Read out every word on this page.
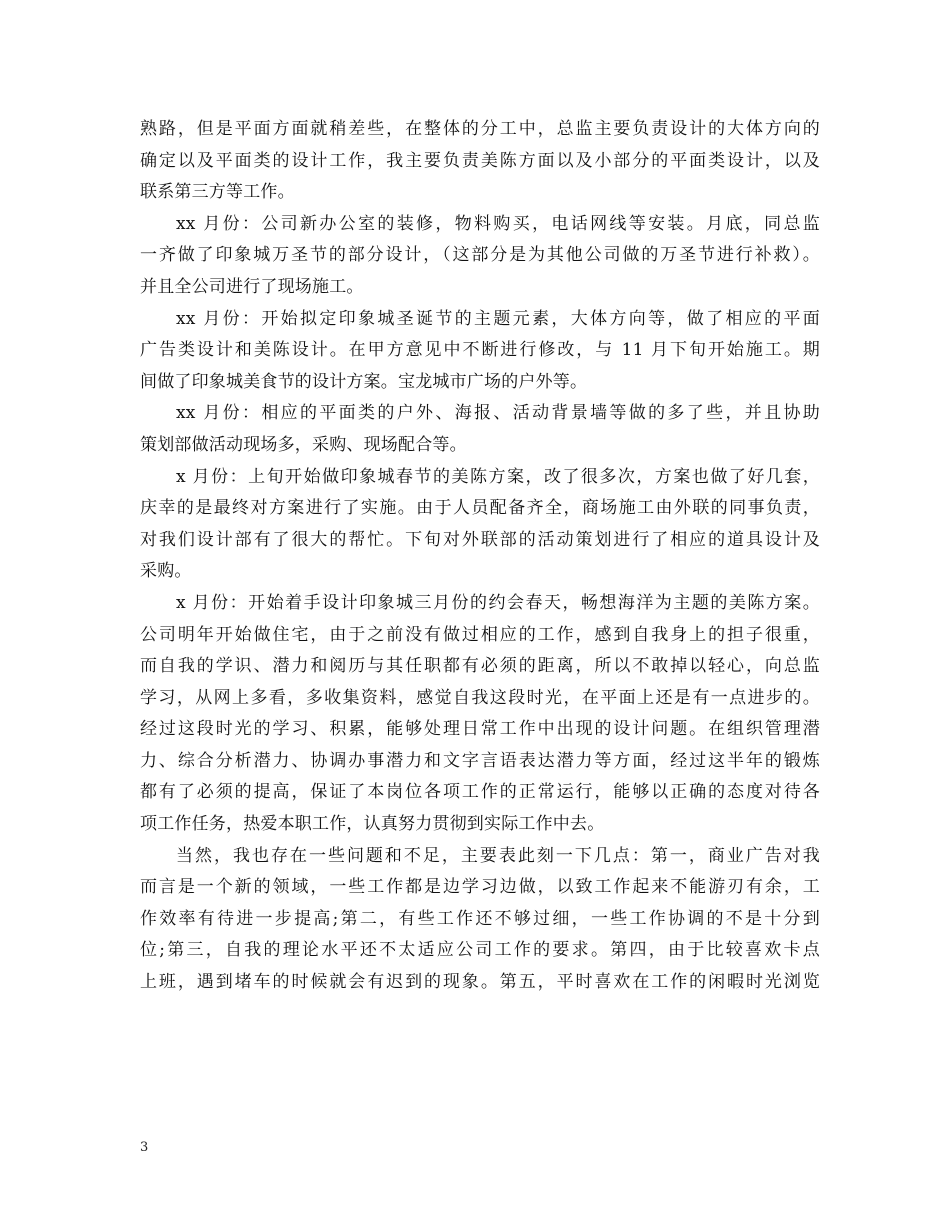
熟路，但是平面方面就稍差些，在整体的分工中，总监主要负责设计的大体方向的
确定以及平面类的设计工作，我主要负责美陈方面以及小部分的平面类设计，以及
联系第三方等工作。
xx 月份：公司新办公室的装修，物料购买，电话网线等安装。月底，同总监
一齐做了印象城万圣节的部分设计，（这部分是为其他公司做的万圣节进行补救）。
并且全公司进行了现场施工。
xx 月份：开始拟定印象城圣诞节的主题元素，大体方向等，做了相应的平面
广告类设计和美陈设计。在甲方意见中不断进行修改，与 11 月下旬开始施工。期
间做了印象城美食节的设计方案。宝龙城市广场的户外等。
xx 月份：相应的平面类的户外、海报、活动背景墙等做的多了些，并且协助
策划部做活动现场多，采购、现场配合等。
x 月份：上旬开始做印象城春节的美陈方案，改了很多次，方案也做了好几套，
庆幸的是最终对方案进行了实施。由于人员配备齐全，商场施工由外联的同事负责，
对我们设计部有了很大的帮忙。下旬对外联部的活动策划进行了相应的道具设计及
采购。
x 月份：开始着手设计印象城三月份的约会春天，畅想海洋为主题的美陈方案。
公司明年开始做住宅，由于之前没有做过相应的工作，感到自我身上的担子很重，
而自我的学识、潜力和阅历与其任职都有必须的距离，所以不敢掉以轻心，向总监
学习，从网上多看，多收集资料，感觉自我这段时光，在平面上还是有一点进步的。
经过这段时光的学习、积累，能够处理日常工作中出现的设计问题。在组织管理潜
力、综合分析潜力、协调办事潜力和文字言语表达潜力等方面，经过这半年的锻炼
都有了必须的提高，保证了本岗位各项工作的正常运行，能够以正确的态度对待各
项工作任务，热爱本职工作，认真努力贯彻到实际工作中去。
当然，我也存在一些问题和不足，主要表此刻一下几点：第一，商业广告对我
而言是一个新的领域，一些工作都是边学习边做，以致工作起来不能游刃有余，工
作效率有待进一步提高;第二，有些工作还不够过细，一些工作协调的不是十分到
位;第三，自我的理论水平还不太适应公司工作的要求。第四，由于比较喜欢卡点
上班，遇到堵车的时候就会有迟到的现象。第五，平时喜欢在工作的闲暇时光浏览
3
